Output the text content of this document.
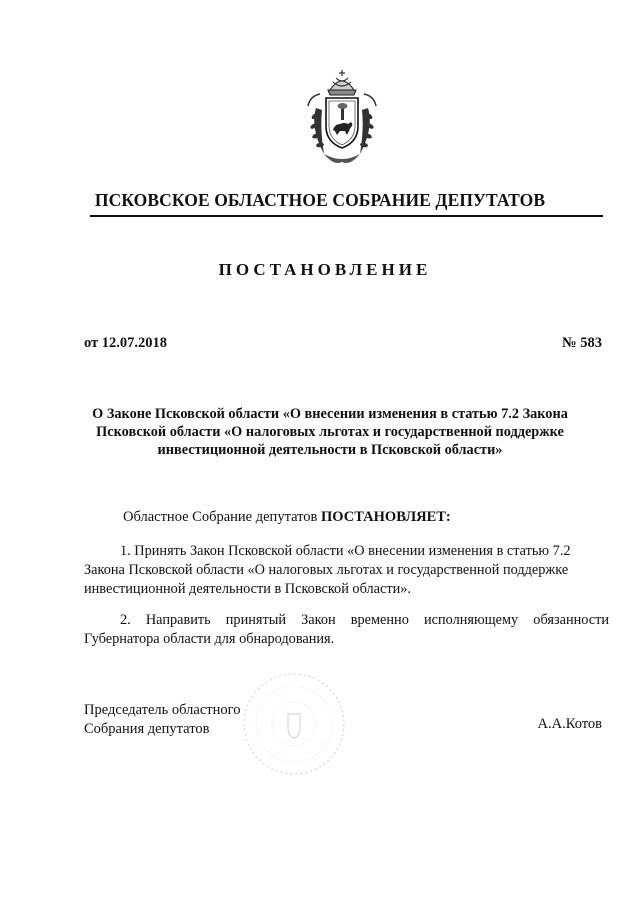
ПСКОВСКОЕ ОБЛАСТНОЕ СОБРАНИЕ ДЕПУТАТОВ
ПОСТАНОВЛЕНИЕ
от 12.07.2018	№ 583
О Законе Псковской области «О внесении изменения в статью 7.2 Закона
Псковской области «О налоговых льготах и государственной поддержке
инвестиционной деятельности в Псковской области»
Областное Собрание депутатов ПОСТАНОВЛЯЕТ:
1. Принять Закон Псковской области «О внесении изменения в статью 7.2
Закона Псковской области «О налоговых льготах и государственной поддержке
инвестиционной деятельности в Псковской области».
2. Направить принятый Закон временно исполняющему обязанности
Губернатора области для обнародования.
Председатель областного
Собрания депутатов	А.А.Котов
